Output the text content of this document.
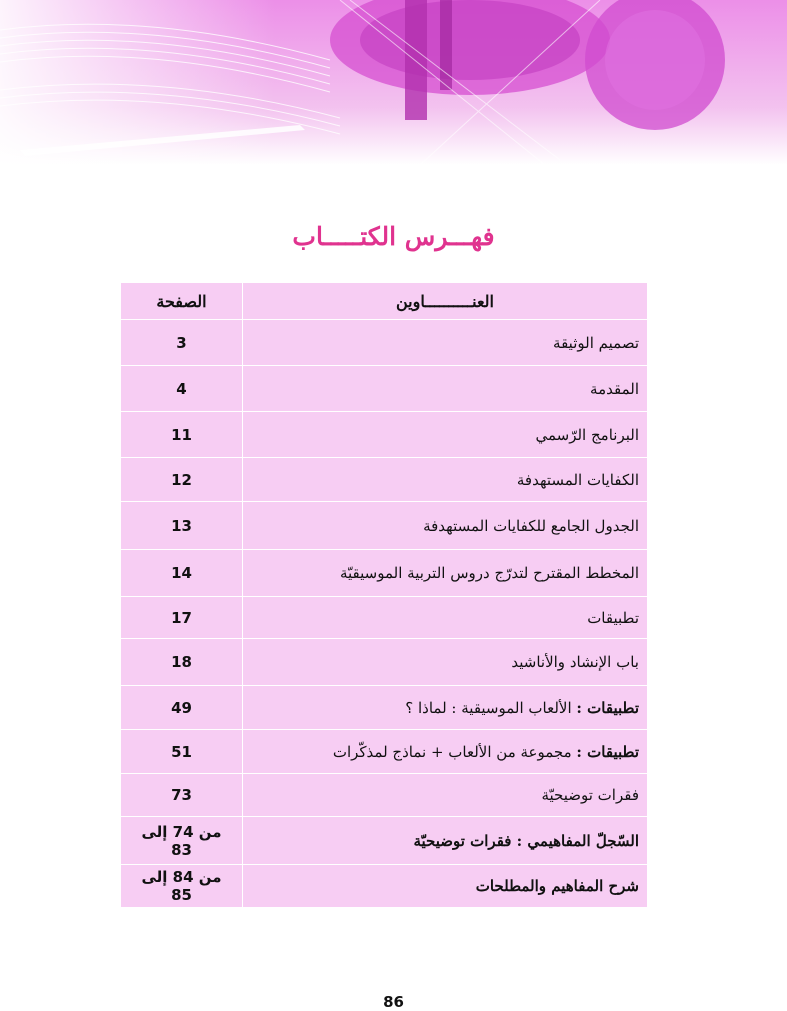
فهـــرس الكتـــــاب
العنــــــــــاوين	الصفحة
تصميم الوثيقة	3
المقدمة	4
البرنامج الرّسمي	11
الكفايات المستهدفة	12
الجدول الجامع للكفايات المستهدفة	13
المخطط المقترح لتدرّج دروس التربية الموسيقيّة	14
تطبيقات	17
باب الإنشاد والأناشيد	18
تطبيقات : الألعاب الموسيقية : لماذا ؟	49
تطبيقات : مجموعة من الألعاب + نماذج لمذكّرات	51
فقرات توضيحيّة	73
السّجلّ المفاهيمي : فقرات توضيحيّة	من 74 إلى 83
شرح المفاهيم والمطلحات	من 84 إلى 85
86
